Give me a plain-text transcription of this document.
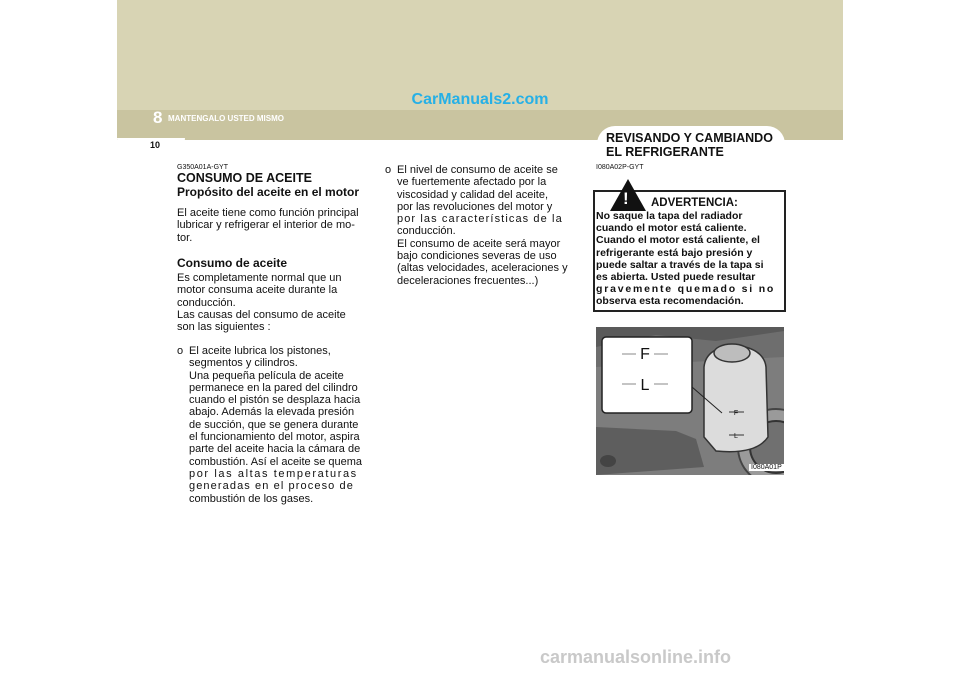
CarManuals2.com
8 MANTENGALO USTED MISMO
10	REVISANDO Y CAMBIANDO
EL REFRIGERANTE
G350A01A-GYT
CONSUMO DE ACEITE
Propósito del aceite en el motor
El aceite tiene como función principal
lubricar y refrigerar el interior de mo-
tor.
Consumo de aceite
Es completamente normal que un
motor consuma aceite durante la
conducción.
Las causas del consumo de aceite
son las siguientes :
o El aceite lubrica los pistones,
segmentos y cilindros.
Una pequeña película de aceite
permanece en la pared del cilindro
cuando el pistón se desplaza hacia
abajo. Además la elevada presión
de succión, que se genera durante
el funcionamiento del motor, aspira
parte del aceite hacia la cámara de
combustión. Así el aceite se quema
por las altas temperaturas
generadas en el proceso de
combustión de los gases.
o El nivel de consumo de aceite se
ve fuertemente afectado por la
viscosidad y calidad del aceite,
por las revoluciones del motor y
por las características de la
conducción.
El consumo de aceite será mayor
bajo condiciones severas de uso
(altas velocidades, aceleraciones y
deceleraciones frecuentes...)
I080A02P-GYT
! ADVERTENCIA:
No saque la tapa del radiador
cuando el motor está caliente.
Cuando el motor está caliente, el
refrigerante está bajo presión y
puede saltar a través de la tapa si
es abierta. Usted puede resultar
gravemente quemado si no
observa esta recomendación.
F
L
F
L
I080A01P
carmanualsonline.info
